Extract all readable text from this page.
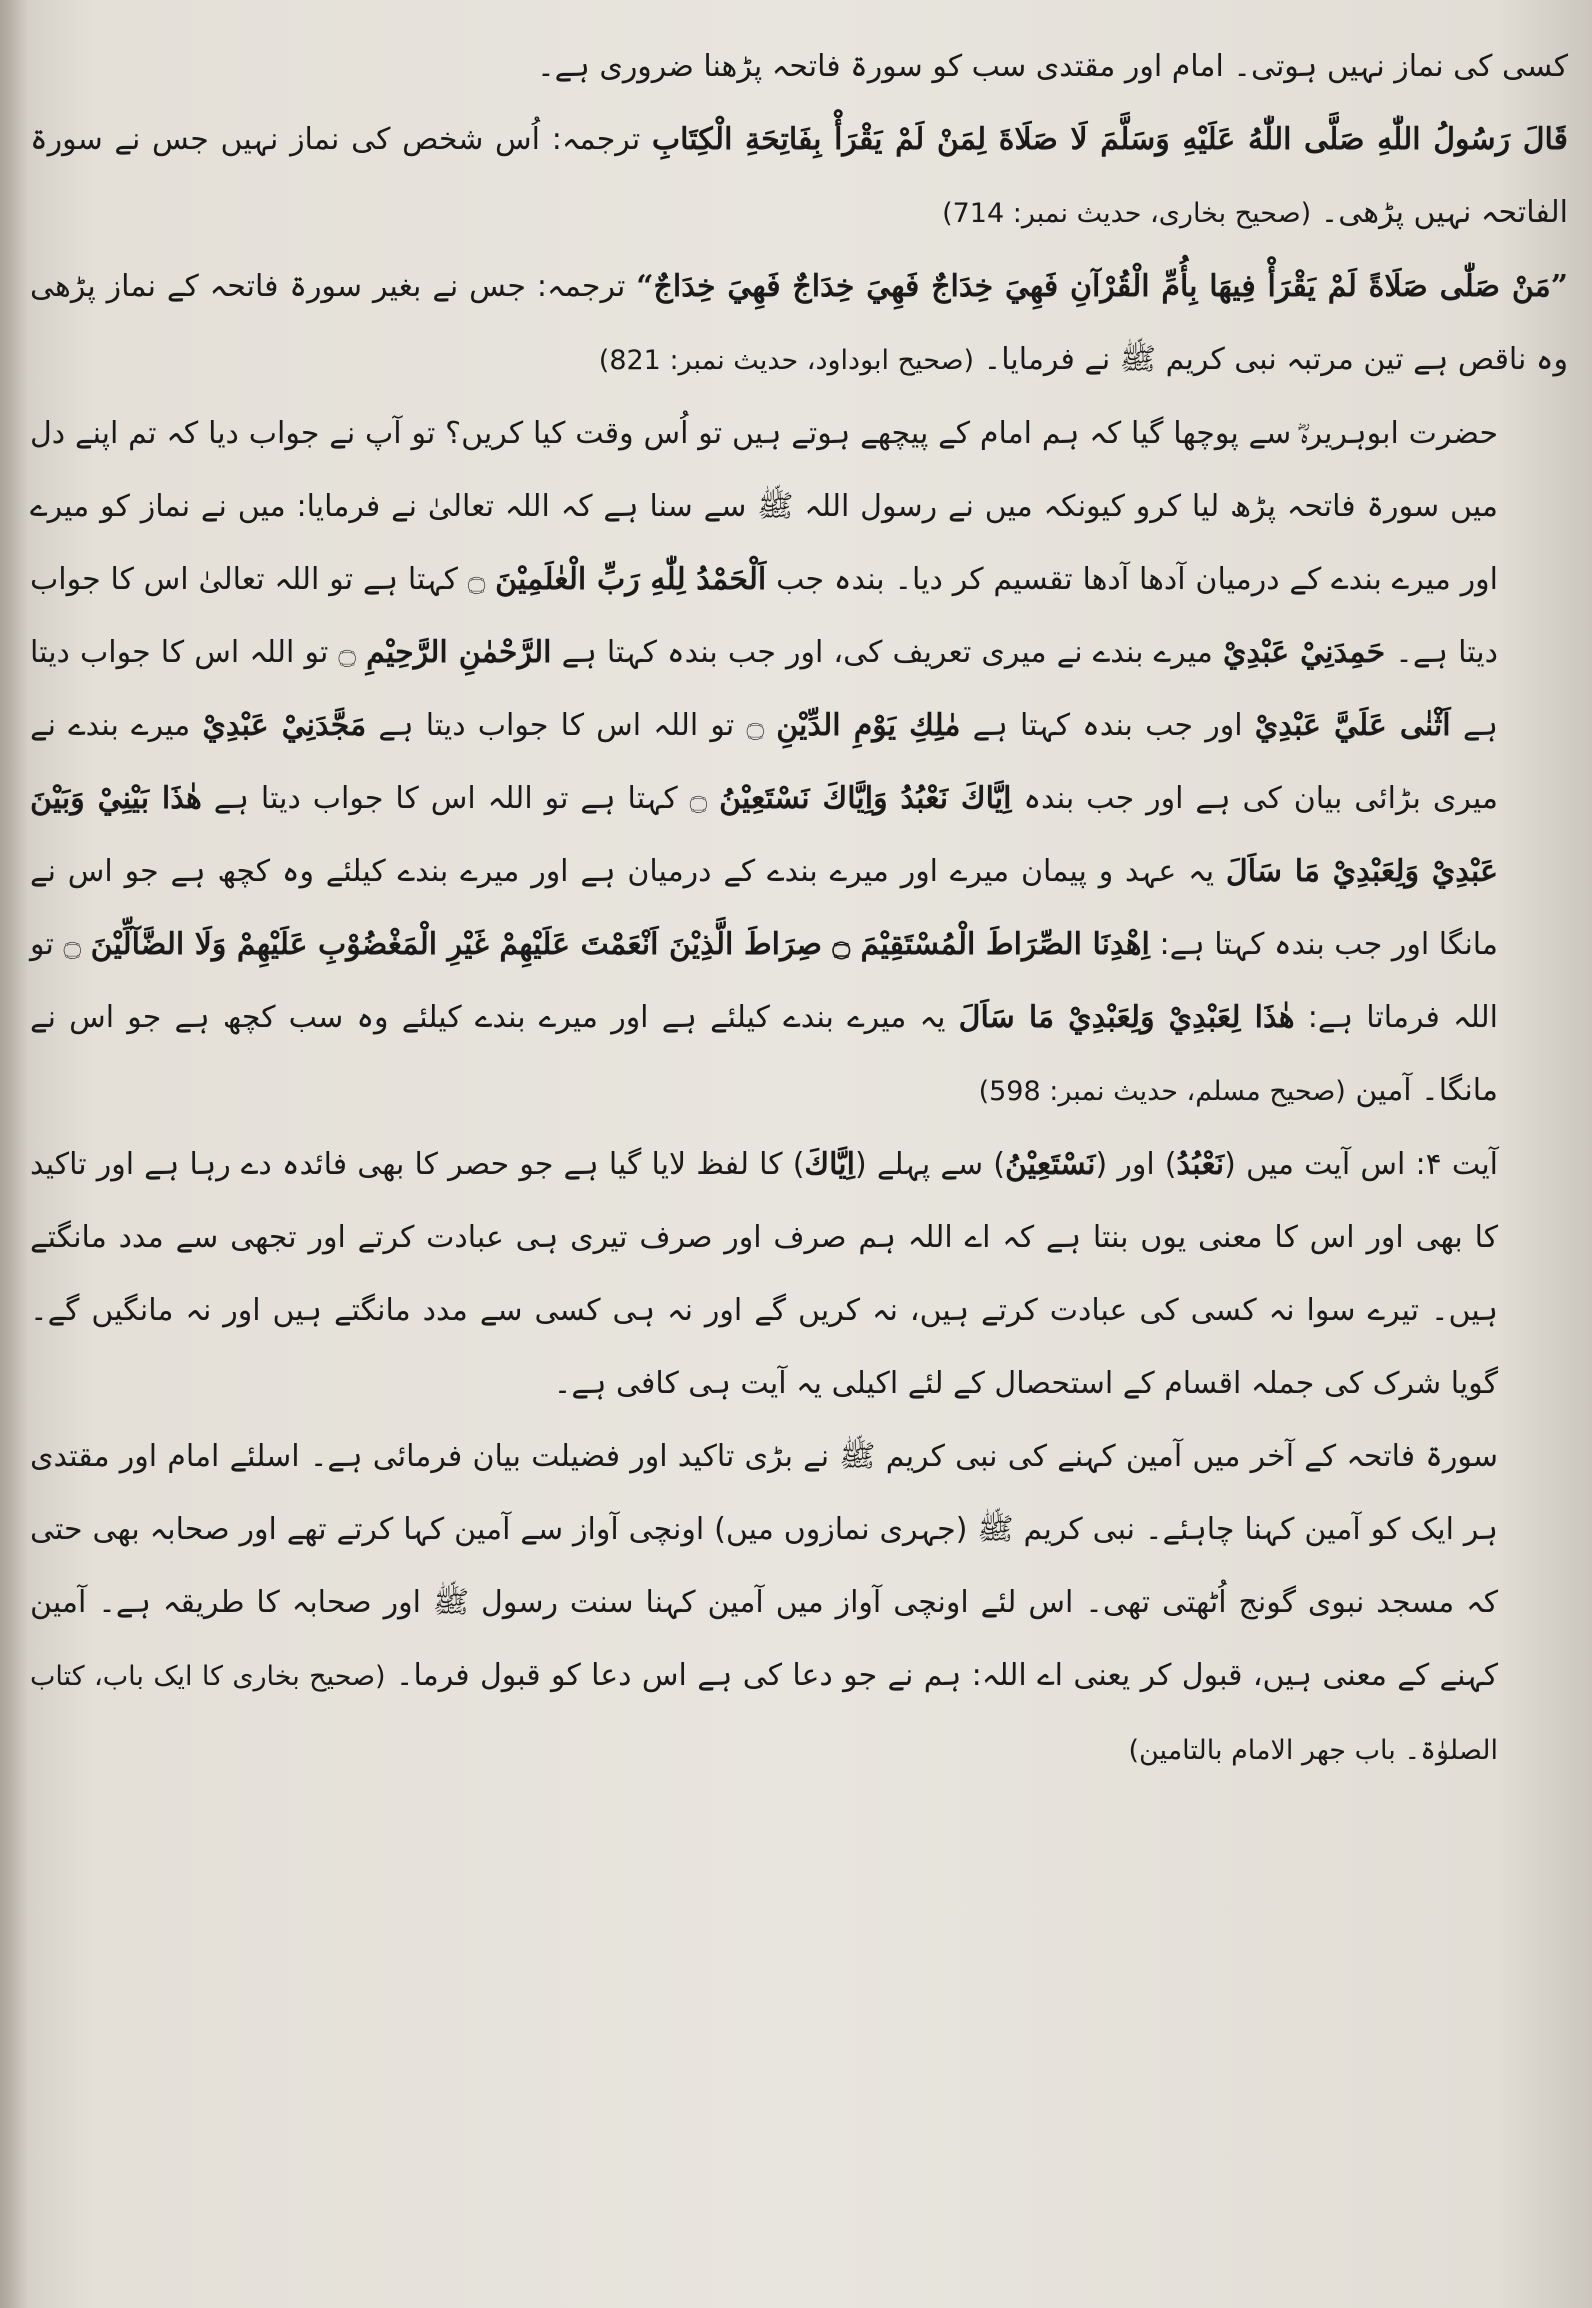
کسی کی نماز نہیں ہوتی۔ امام اور مقتدی سب کو سورۃ فاتحہ پڑھنا ضروری ہے۔

قَالَ رَسُولُ اللّٰهِ صَلَّى اللّٰهُ عَلَيْهِ وَسَلَّمَ لَا صَلَاةَ لِمَنْ لَمْ يَقْرَأْ بِفَاتِحَةِ الْكِتَابِ ترجمہ: اُس شخص کی نماز نہیں جس نے سورۃ الفاتحہ نہیں پڑھی۔ (صحیح بخاری، حدیث نمبر: 714)

”مَنْ صَلّٰى صَلَاةً لَمْ يَقْرَأْ فِيهَا بِأُمِّ الْقُرْآنِ فَهِيَ خِدَاجٌ فَهِيَ خِدَاجٌ فَهِيَ خِدَاجٌ“ ترجمہ: جس نے بغیر سورۃ فاتحہ کے نماز پڑھی وہ ناقص ہے تین مرتبہ نبی کریم ﷺ نے فرمایا۔ (صحیح ابوداود، حدیث نمبر: 821)

حضرت ابوہریرہؓ سے پوچھا گیا کہ ہم امام کے پیچھے ہوتے ہیں تو اُس وقت کیا کریں؟ تو آپ نے جواب دیا کہ تم اپنے دل میں سورۃ فاتحہ پڑھ لیا کرو کیونکہ میں نے رسول اللہ ﷺ سے سنا ہے کہ اللہ تعالیٰ نے فرمایا: میں نے نماز کو میرے اور میرے بندے کے درمیان آدھا آدھا تقسیم کر دیا۔ بندہ جب اَلْحَمْدُ لِلّٰهِ رَبِّ الْعٰلَمِيْنَ ۝ کہتا ہے تو اللہ تعالیٰ اس کا جواب دیتا ہے۔ حَمِدَنِيْ عَبْدِيْ میرے بندے نے میری تعریف کی، اور جب بندہ کہتا ہے الرَّحْمٰنِ الرَّحِيْمِ ۝ تو اللہ اس کا جواب دیتا ہے اَثْنٰى عَلَيَّ عَبْدِيْ اور جب بندہ کہتا ہے مٰلِكِ يَوْمِ الدِّيْنِ ۝ تو اللہ اس کا جواب دیتا ہے مَجَّدَنِيْ عَبْدِيْ میرے بندے نے میری بڑائی بیان کی ہے اور جب بندہ اِيَّاكَ نَعْبُدُ وَاِيَّاكَ نَسْتَعِيْنُ ۝ کہتا ہے تو اللہ اس کا جواب دیتا ہے هٰذَا بَيْنِيْ وَبَيْنَ عَبْدِيْ وَلِعَبْدِيْ مَا سَاَلَ یہ عہد و پیمان میرے اور میرے بندے کے درمیان ہے اور میرے بندے کیلئے وہ کچھ ہے جو اس نے مانگا اور جب بندہ کہتا ہے: اِهْدِنَا الصِّرَاطَ الْمُسْتَقِيْمَ ۝ صِرَاطَ الَّذِيْنَ اَنْعَمْتَ عَلَيْهِمْ غَيْرِ الْمَغْضُوْبِ عَلَيْهِمْ وَلَا الضَّآلِّيْنَ ۝ تو اللہ فرماتا ہے: هٰذَا لِعَبْدِيْ وَلِعَبْدِيْ مَا سَاَلَ یہ میرے بندے کیلئے ہے اور میرے بندے کیلئے وہ سب کچھ ہے جو اس نے مانگا۔ آمین (صحیح مسلم، حدیث نمبر: 598)

آیت ۴: اس آیت میں (نَعْبُدُ) اور (نَسْتَعِيْنُ) سے پہلے (اِيَّاكَ) کا لفظ لایا گیا ہے جو حصر کا بھی فائدہ دے رہا ہے اور تاکید کا بھی اور اس کا معنی یوں بنتا ہے کہ اے اللہ ہم صرف اور صرف تیری ہی عبادت کرتے اور تجھی سے مدد مانگتے ہیں۔ تیرے سوا نہ کسی کی عبادت کرتے ہیں، نہ کریں گے اور نہ ہی کسی سے مدد مانگتے ہیں اور نہ مانگیں گے۔ گویا شرک کی جملہ اقسام کے استحصال کے لئے اکیلی یہ آیت ہی کافی ہے۔

سورۃ فاتحہ کے آخر میں آمین کہنے کی نبی کریم ﷺ نے بڑی تاکید اور فضیلت بیان فرمائی ہے۔ اسلئے امام اور مقتدی ہر ایک کو آمین کہنا چاہئے۔ نبی کریم ﷺ (جہری نمازوں میں) اونچی آواز سے آمین کہا کرتے تھے اور صحابہ بھی حتی کہ مسجد نبوی گونج اُٹھتی تھی۔ اس لئے اونچی آواز میں آمین کہنا سنت رسول ﷺ اور صحابہ کا طریقہ ہے۔ آمین کہنے کے معنی ہیں، قبول کر یعنی اے اللہ: ہم نے جو دعا کی ہے اس دعا کو قبول فرما۔ (صحیح بخاری کا ایک باب، کتاب الصلوٰۃ۔ باب جهر الامام بالتامين)
